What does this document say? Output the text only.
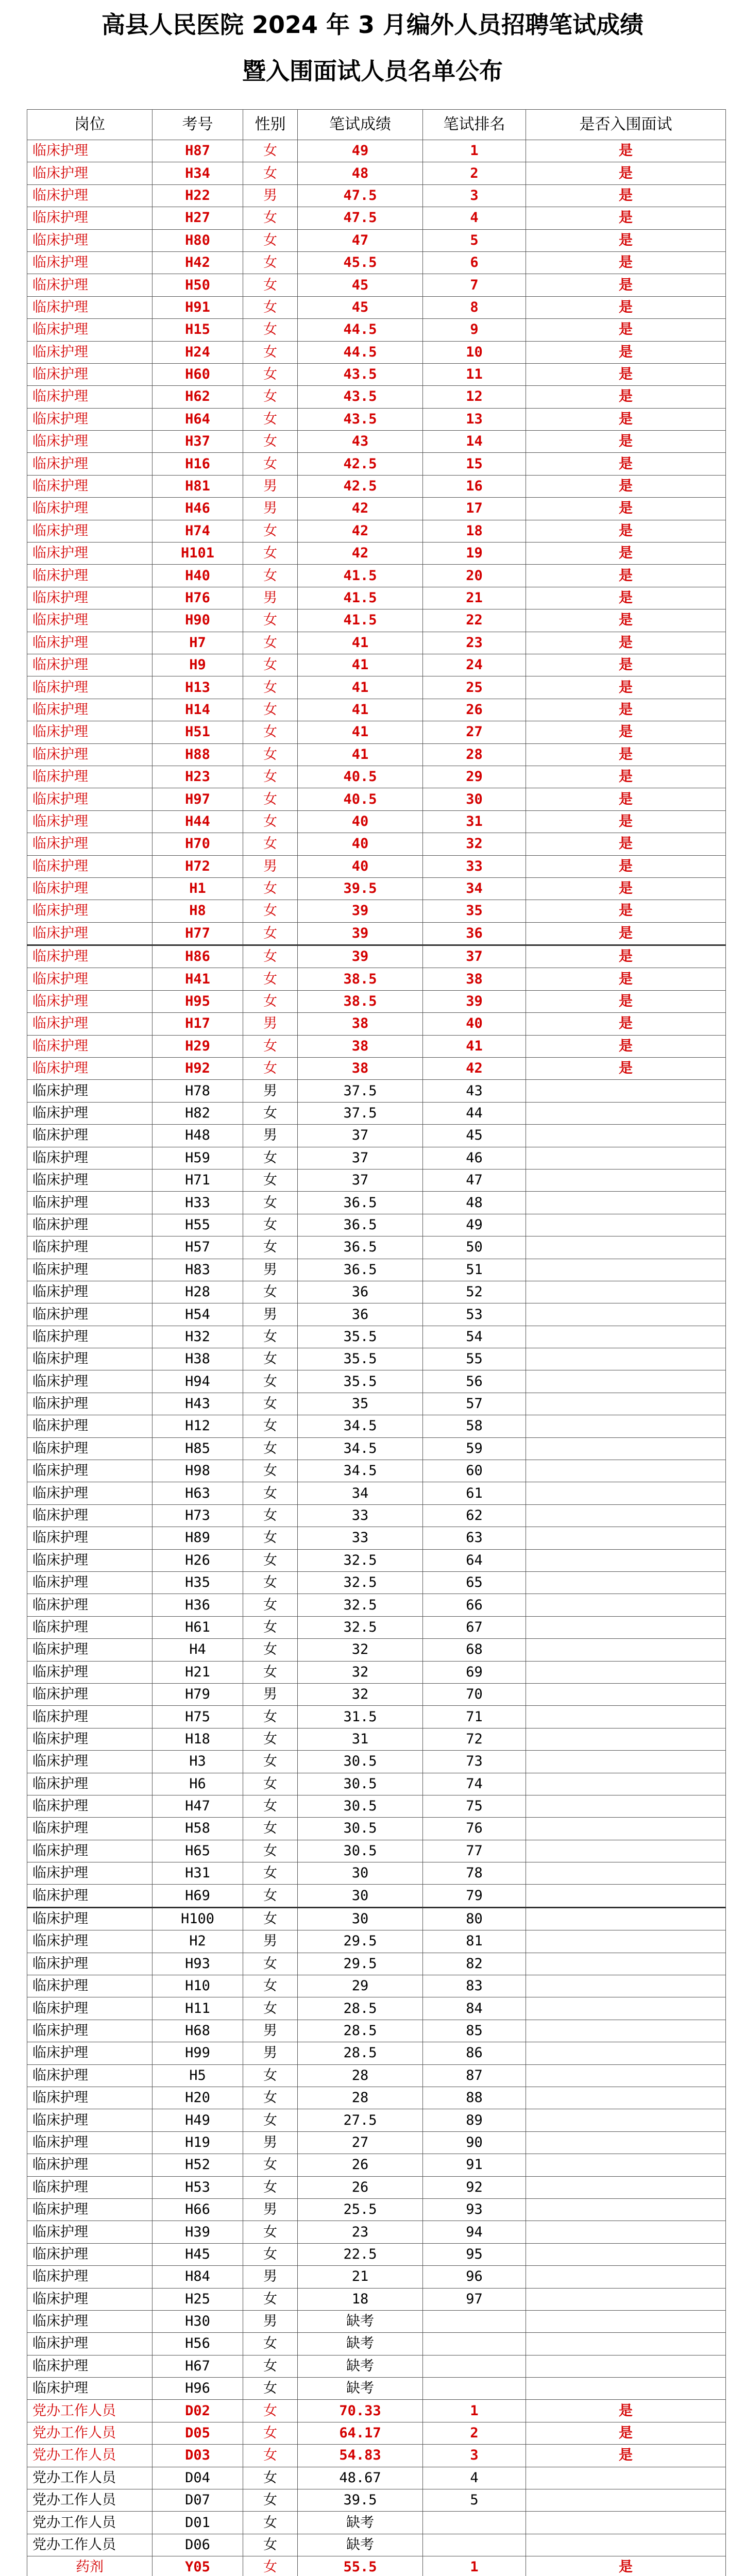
高县人民医院 2024 年 3 月编外人员招聘笔试成绩
暨入围面试人员名单公布
岗位	考号	性别	笔试成绩	笔试排名	是否入围面试
临床护理	H87	女	49	1	是
临床护理	H34	女	48	2	是
临床护理	H22	男	47.5	3	是
临床护理	H27	女	47.5	4	是
临床护理	H80	女	47	5	是
临床护理	H42	女	45.5	6	是
临床护理	H50	女	45	7	是
临床护理	H91	女	45	8	是
临床护理	H15	女	44.5	9	是
临床护理	H24	女	44.5	10	是
临床护理	H60	女	43.5	11	是
临床护理	H62	女	43.5	12	是
临床护理	H64	女	43.5	13	是
临床护理	H37	女	43	14	是
临床护理	H16	女	42.5	15	是
临床护理	H81	男	42.5	16	是
临床护理	H46	男	42	17	是
临床护理	H74	女	42	18	是
临床护理	H101	女	42	19	是
临床护理	H40	女	41.5	20	是
临床护理	H76	男	41.5	21	是
临床护理	H90	女	41.5	22	是
临床护理	H7	女	41	23	是
临床护理	H9	女	41	24	是
临床护理	H13	女	41	25	是
临床护理	H14	女	41	26	是
临床护理	H51	女	41	27	是
临床护理	H88	女	41	28	是
临床护理	H23	女	40.5	29	是
临床护理	H97	女	40.5	30	是
临床护理	H44	女	40	31	是
临床护理	H70	女	40	32	是
临床护理	H72	男	40	33	是
临床护理	H1	女	39.5	34	是
临床护理	H8	女	39	35	是
临床护理	H77	女	39	36	是
临床护理	H86	女	39	37	是
临床护理	H41	女	38.5	38	是
临床护理	H95	女	38.5	39	是
临床护理	H17	男	38	40	是
临床护理	H29	女	38	41	是
临床护理	H92	女	38	42	是
临床护理	H78	男	37.5	43	
临床护理	H82	女	37.5	44	
临床护理	H48	男	37	45	
临床护理	H59	女	37	46	
临床护理	H71	女	37	47	
临床护理	H33	女	36.5	48	
临床护理	H55	女	36.5	49	
临床护理	H57	女	36.5	50	
临床护理	H83	男	36.5	51	
临床护理	H28	女	36	52	
临床护理	H54	男	36	53	
临床护理	H32	女	35.5	54	
临床护理	H38	女	35.5	55	
临床护理	H94	女	35.5	56	
临床护理	H43	女	35	57	
临床护理	H12	女	34.5	58	
临床护理	H85	女	34.5	59	
临床护理	H98	女	34.5	60	
临床护理	H63	女	34	61	
临床护理	H73	女	33	62	
临床护理	H89	女	33	63	
临床护理	H26	女	32.5	64	
临床护理	H35	女	32.5	65	
临床护理	H36	女	32.5	66	
临床护理	H61	女	32.5	67	
临床护理	H4	女	32	68	
临床护理	H21	女	32	69	
临床护理	H79	男	32	70	
临床护理	H75	女	31.5	71	
临床护理	H18	女	31	72	
临床护理	H3	女	30.5	73	
临床护理	H6	女	30.5	74	
临床护理	H47	女	30.5	75	
临床护理	H58	女	30.5	76	
临床护理	H65	女	30.5	77	
临床护理	H31	女	30	78	
临床护理	H69	女	30	79	
临床护理	H100	女	30	80	
临床护理	H2	男	29.5	81	
临床护理	H93	女	29.5	82	
临床护理	H10	女	29	83	
临床护理	H11	女	28.5	84	
临床护理	H68	男	28.5	85	
临床护理	H99	男	28.5	86	
临床护理	H5	女	28	87	
临床护理	H20	女	28	88	
临床护理	H49	女	27.5	89	
临床护理	H19	男	27	90	
临床护理	H52	女	26	91	
临床护理	H53	女	26	92	
临床护理	H66	男	25.5	93	
临床护理	H39	女	23	94	
临床护理	H45	女	22.5	95	
临床护理	H84	男	21	96	
临床护理	H25	女	18	97	
临床护理	H30	男	缺考		
临床护理	H56	女	缺考		
临床护理	H67	女	缺考		
临床护理	H96	女	缺考		
党办工作人员	D02	女	70.33	1	是
党办工作人员	D05	女	64.17	2	是
党办工作人员	D03	女	54.83	3	是
党办工作人员	D04	女	48.67	4	
党办工作人员	D07	女	39.5	5	
党办工作人员	D01	女	缺考		
党办工作人员	D06	女	缺考		
药剂	Y05	女	55.5	1	是
